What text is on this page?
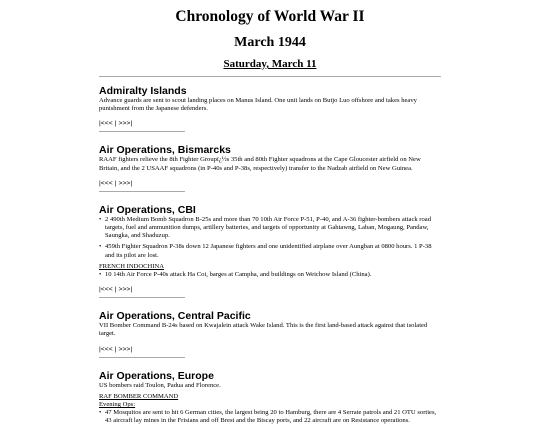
Chronology of World War II
March 1944
Saturday, March 11
Admiralty Islands
Advance guards are sent to scout landing places on Manus Island. One unit lands on Butjo Luo offshore and takes heavy punishment from the Japanese defenders.
|<<< | >>>|
Air Operations, Bismarcks
RAAF fighters relieve the 8th Fighter Groupï¿½s 35th and 80th Fighter squadrons at the Cape Gloucester airfield on New Britain, and the 2 USAAF squadrons (in P-40s and P-38s, respectively) transfer to the Nadzab airfield on New Guinea.
|<<< | >>>|
Air Operations, CBI
• 2 490th Medium Bomb Squadron B-25s and more than 70 10th Air Force P-51, P-40, and A-36 fighter-bombers attack road targets, fuel and ammunition dumps, artillery batteries, and targets of opportunity at Gahtawng, Laban, Mogaung, Pandaw, Saungka, and Shaduzup.
• 459th Fighter Squadron P-38s down 12 Japanese fighters and one unidentified airplane over Aungban at 0800 hours. 1 P-38 and its pilot are lost.
FRENCH INDOCHINA
• 10 14th Air Force P-40s attack Ha Coi, barges at Campha, and buildings on Weichow Island (China).
|<<< | >>>|
Air Operations, Central Pacific
VII Bomber Command B-24s based on Kwajalein attack Wake Island. This is the first land-based attack against that isolated target.
|<<< | >>>|
Air Operations, Europe
US bombers raid Toulon, Padua and Florence.
RAF BOMBER COMMAND
Evening Ops:
• 47 Mosquitos are sent to hit 6 German cities, the largest being 20 to Hamburg, there are 4 Serrate patrols and 21 OTU sorties, 43 aircraft lay mines in the Frisians and off Brest and the Biscay ports, and 22 aircraft are on Resistance operations.
